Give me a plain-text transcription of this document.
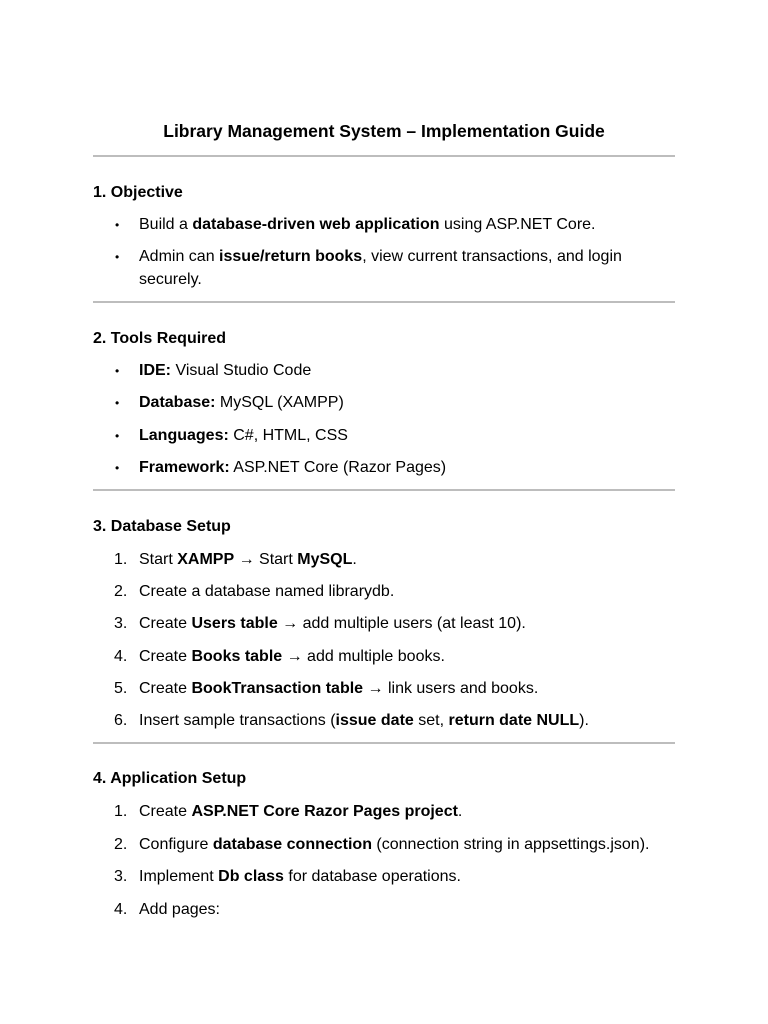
Library Management System – Implementation Guide
1. Objective
• Build a database-driven web application using ASP.NET Core.

• Admin can issue/return books, view current transactions, and login securely.

2. Tools Required
• IDE: Visual Studio Code

• Database: MySQL (XAMPP)

• Languages: C#, HTML, CSS

• Framework: ASP.NET Core (Razor Pages)

3. Database Setup
1. Start XAMPP → Start MySQL.

2. Create a database named librarydb.

3. Create Users table → add multiple users (at least 10).

4. Create Books table → add multiple books.

5. Create BookTransaction table → link users and books.

6. Insert sample transactions (issue date set, return date NULL).

4. Application Setup
1. Create ASP.NET Core Razor Pages project.

2. Configure database connection (connection string in appsettings.json).

3. Implement Db class for database operations.

4. Add pages:
